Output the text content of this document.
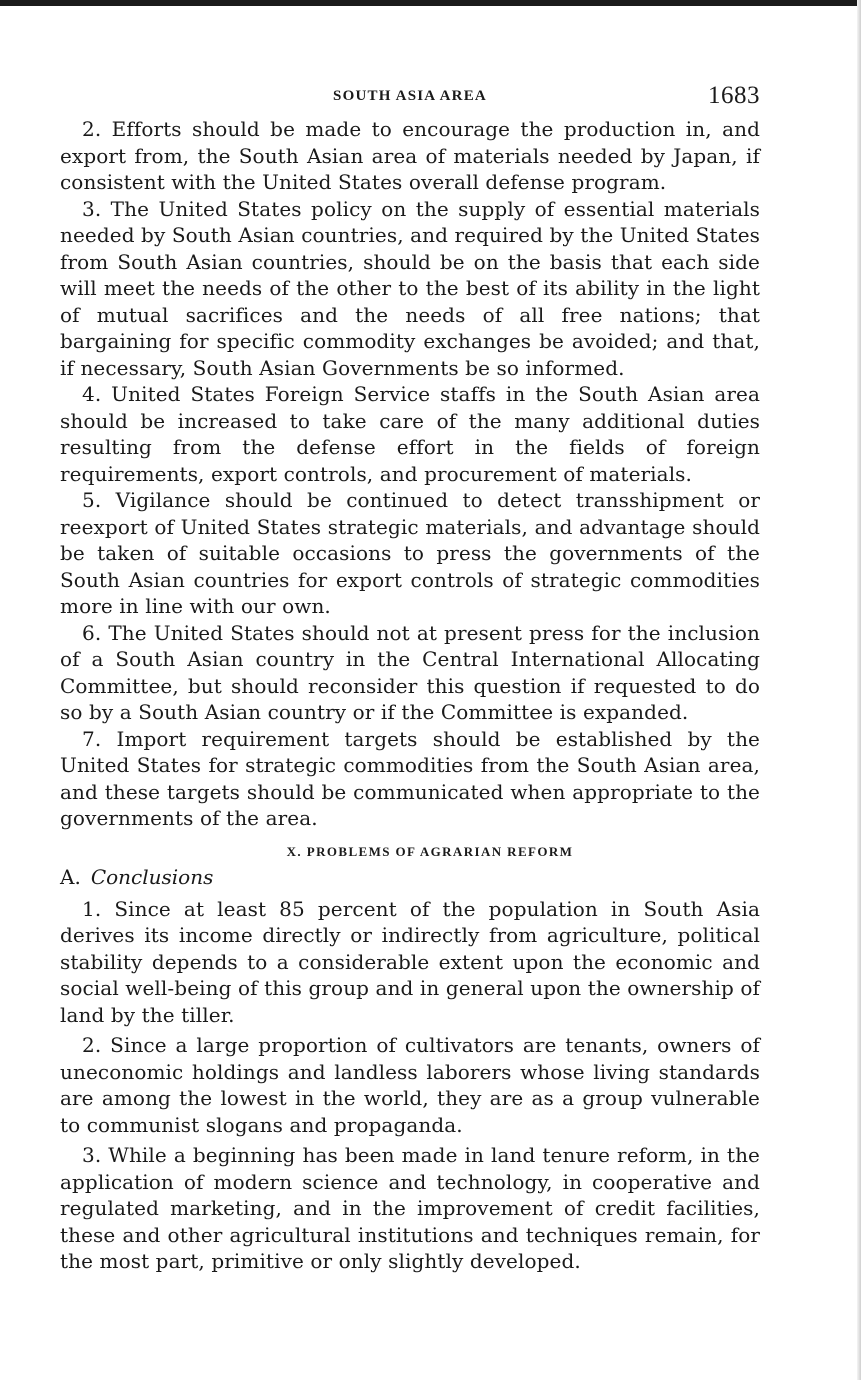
SOUTH ASIA AREA	1683

2. Efforts should be made to encourage the production in, and export from, the South Asian area of materials needed by Japan, if consistent with the United States overall defense program.

3. The United States policy on the supply of essential materials needed by South Asian countries, and required by the United States from South Asian countries, should be on the basis that each side will meet the needs of the other to the best of its ability in the light of mutual sacrifices and the needs of all free nations; that bargaining for specific commodity exchanges be avoided; and that, if necessary, South Asian Governments be so informed.

4. United States Foreign Service staffs in the South Asian area should be increased to take care of the many additional duties resulting from the defense effort in the fields of foreign requirements, export controls, and procurement of materials.

5. Vigilance should be continued to detect transshipment or reexport of United States strategic materials, and advantage should be taken of suitable occasions to press the governments of the South Asian countries for export controls of strategic commodities more in line with our own.

6. The United States should not at present press for the inclusion of a South Asian country in the Central International Allocating Committee, but should reconsider this question if requested to do so by a South Asian country or if the Committee is expanded.

7. Import requirement targets should be established by the United States for strategic commodities from the South Asian area, and these targets should be communicated when appropriate to the governments of the area.

X. PROBLEMS OF AGRARIAN REFORM
A. Conclusions

1. Since at least 85 percent of the population in South Asia derives its income directly or indirectly from agriculture, political stability depends to a considerable extent upon the economic and social well-being of this group and in general upon the ownership of land by the tiller.

2. Since a large proportion of cultivators are tenants, owners of uneconomic holdings and landless laborers whose living standards are among the lowest in the world, they are as a group vulnerable to communist slogans and propaganda.

3. While a beginning has been made in land tenure reform, in the application of modern science and technology, in cooperative and regulated marketing, and in the improvement of credit facilities, these and other agricultural institutions and techniques remain, for the most part, primitive or only slightly developed.
